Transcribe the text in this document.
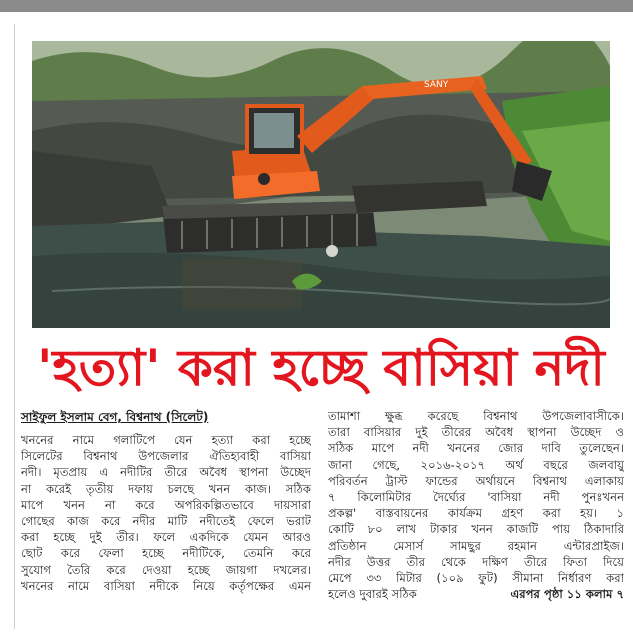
SANY
'হত্যা' করা হচ্ছে বাসিয়া নদী
সাইফুল ইসলাম বেগ, বিশ্বনাথ (সিলেট)
খননের নামে গলাটিপে যেন হত্যা করা হচ্ছে
সিলেটের বিশ্বনাথ উপজেলার ঐতিহ্যবাহী বাসিয়া
নদী। মৃতপ্রায় এ নদীটির তীরে অবৈধ স্থাপনা উচ্ছেদ
না করেই তৃতীয় দফায় চলছে খনন কাজ। সঠিক
মাপে খনন না করে অপরিকল্পিতভাবে দায়সারা
গোছের কাজ করে নদীর মাটি নদীতেই ফেলে ভরাট
করা হচ্ছে দুই তীর। ফলে একদিকে যেমন আরও
ছোট করে ফেলা হচ্ছে নদীটিকে, তেমনি করে
সুযোগ তৈরি করে দেওয়া হচ্ছে জায়গা দখলের।
খননের নামে বাসিয়া নদীকে নিয়ে কর্তৃপক্ষের এমন
তামাশা ক্ষুব্ধ করেছে বিশ্বনাথ উপজেলাবাসীকে।
তারা বাসিয়ার দুই তীরের অবৈধ স্থাপনা উচ্ছেদ ও
সঠিক মাপে নদী খননের জোর দাবি তুলেছেন।
জানা গেছে, ২০১৬-২০১৭ অর্থ বছরে জলবায়ু
পরিবর্তন ট্রাস্ট ফান্ডের অর্থায়নে বিশ্বনাথ এলাকায়
৭ কিলোমিটার দৈর্ঘ্যের 'বাসিয়া নদী পুনঃখনন
প্রকল্প' বাস্তবায়নের কার্যক্রম গ্রহণ করা হয়। ১
কোটি ৮০ লাখ টাকার খনন কাজটি পায় ঠিকাদারি
প্রতিষ্ঠান মেসার্স সামছুর রহমান এন্টারপ্রাইজ।
নদীর উত্তর তীর থেকে দক্ষিণ তীরে ফিতা দিয়ে
মেপে ৩৩ মিটার (১০৯ ফুট) সীমানা নির্ধারণ করা
হলেও দুবারই সঠিক	এরপর পৃষ্ঠা ১১ কলাম ৭
